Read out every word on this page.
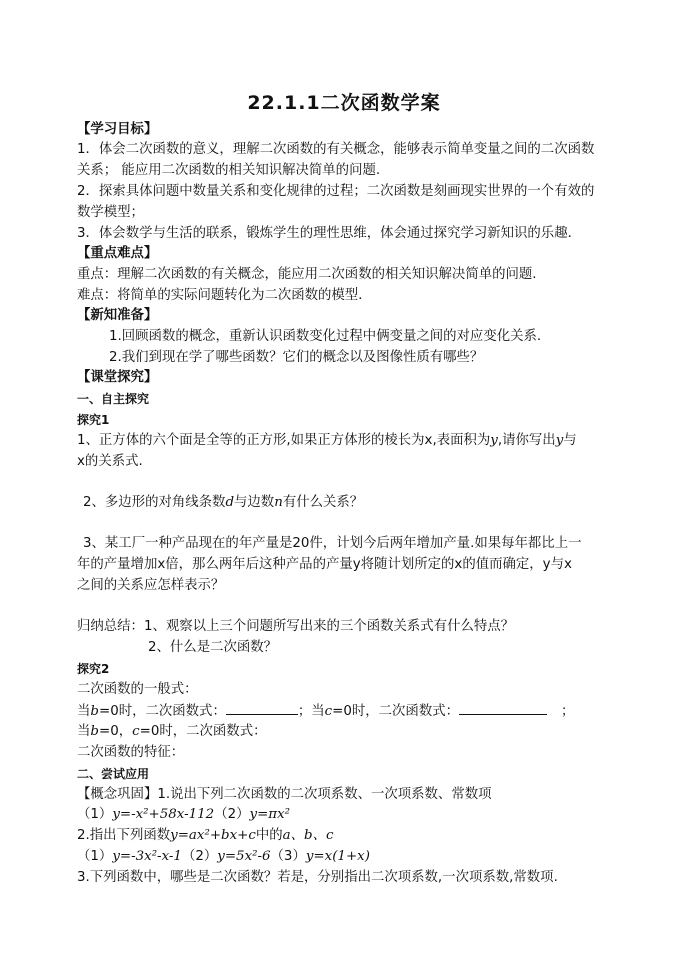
22.1.1二次函数学案
【学习目标】
1．体会二次函数的意义，理解二次函数的有关概念，能够表示简单变量之间的二次函数
关系； 能应用二次函数的相关知识解决简单的问题.
2．探索具体问题中数量关系和变化规律的过程；二次函数是刻画现实世界的一个有效的
数学模型；
3．体会数学与生活的联系，锻炼学生的理性思维，体会通过探究学习新知识的乐趣．
【重点难点】
重点：理解二次函数的有关概念，能应用二次函数的相关知识解决简单的问题.
难点：将简单的实际问题转化为二次函数的模型．
【新知准备】
1.回顾函数的概念，重新认识函数变化过程中俩变量之间的对应变化关系.
2.我们到现在学了哪些函数？它们的概念以及图像性质有哪些？
【课堂探究】
一、自主探究
探究1
1、正方体的六个面是全等的正方形,如果正方体形的棱长为x,表面积为y,请你写出y与
x的关系式.
2、多边形的对角线条数d与边数n有什么关系？
3、某工厂一种产品现在的年产量是20件，计划今后两年增加产量.如果每年都比上一
年的产量增加x倍，那么两年后这种产品的产量y将随计划所定的x的值而确定，y与x
之间的关系应怎样表示？
归纳总结：1、观察以上三个问题所写出来的三个函数关系式有什么特点？
2、什么是二次函数？
探究2
二次函数的一般式：
当b=0时，二次函数式：	；当c=0时，二次函数式：	；
当b=0，c=0时，二次函数式：
二次函数的特征：
二、尝试应用
【概念巩固】1.说出下列二次函数的二次项系数、一次项系数、常数项
（1）y=-x²+58x-112（2）y=πx²
2.指出下列函数y=ax²+bx+c中的a、b、c
（1）y=-3x²-x-1（2）y=5x²-6（3）y=x(1+x)
3.下列函数中，哪些是二次函数？若是，分别指出二次项系数,一次项系数,常数项.
